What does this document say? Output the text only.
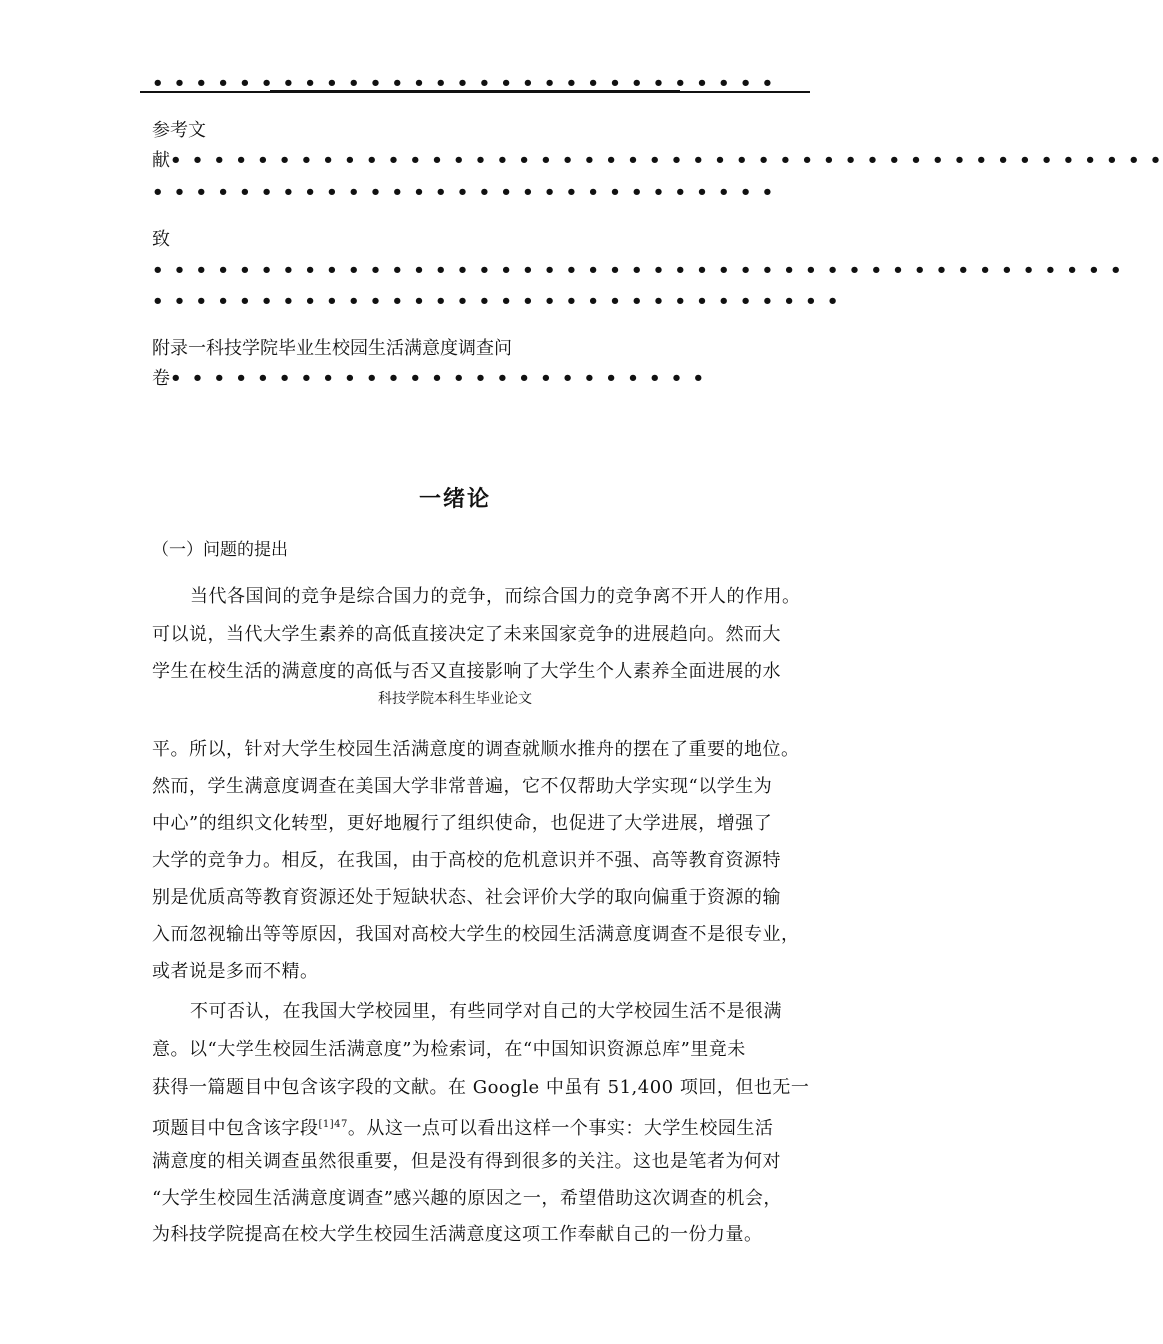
• • • • • • • • • • • • • • • • • • • • • • • • • • • • •
参考文
献• • • • • • • • • • • • • • • • • • • • • • • • • • • • • • • • • • • • • • • • • • • • • •
• • • • • • • • • • • • • • • • • • • • • • • • • • • • •
致
• • • • • • • • • • • • • • • • • • • • • • • • • • • • • • • • • • • • • • • • • • • • •
• • • • • • • • • • • • • • • • • • • • • • • • • • • • • • • •
附录一科技学院毕业生校园生活满意度调查问
卷• • • • • • • • • • • • • • • • • • • • • • • • •
一绪论
（一）问题的提出
当代各国间的竞争是综合国力的竞争，而综合国力的竞争离不开人的作用。
可以说，当代大学生素养的高低直接决定了未来国家竞争的进展趋向。然而大
学生在校生活的满意度的高低与否又直接影响了大学生个人素养全面进展的水
科技学院本科生毕业论文
平。所以，针对大学生校园生活满意度的调查就顺水推舟的摆在了重要的地位。
然而，学生满意度调查在美国大学非常普遍，它不仅帮助大学实现“以学生为
中心”的组织文化转型，更好地履行了组织使命，也促进了大学进展，增强了
大学的竞争力。相反，在我国，由于高校的危机意识并不强、高等教育资源特
别是优质高等教育资源还处于短缺状态、社会评价大学的取向偏重于资源的输
入而忽视输出等等原因，我国对高校大学生的校园生活满意度调查不是很专业，
或者说是多而不精。
不可否认，在我国大学校园里，有些同学对自己的大学校园生活不是很满
意。以“大学生校园生活满意度”为检索词，在“中国知识资源总库”里竟未
获得一篇题目中包含该字段的文献。在 Google 中虽有 51,400 项回，但也无一
项题目中包含该字段$^{[1]47}$。从这一点可以看出这样一个事实：大学生校园生活
满意度的相关调查虽然很重要，但是没有得到很多的关注。这也是笔者为何对
“大学生校园生活满意度调查”感兴趣的原因之一，希望借助这次调查的机会，
为科技学院提高在校大学生校园生活满意度这项工作奉献自己的一份力量。
